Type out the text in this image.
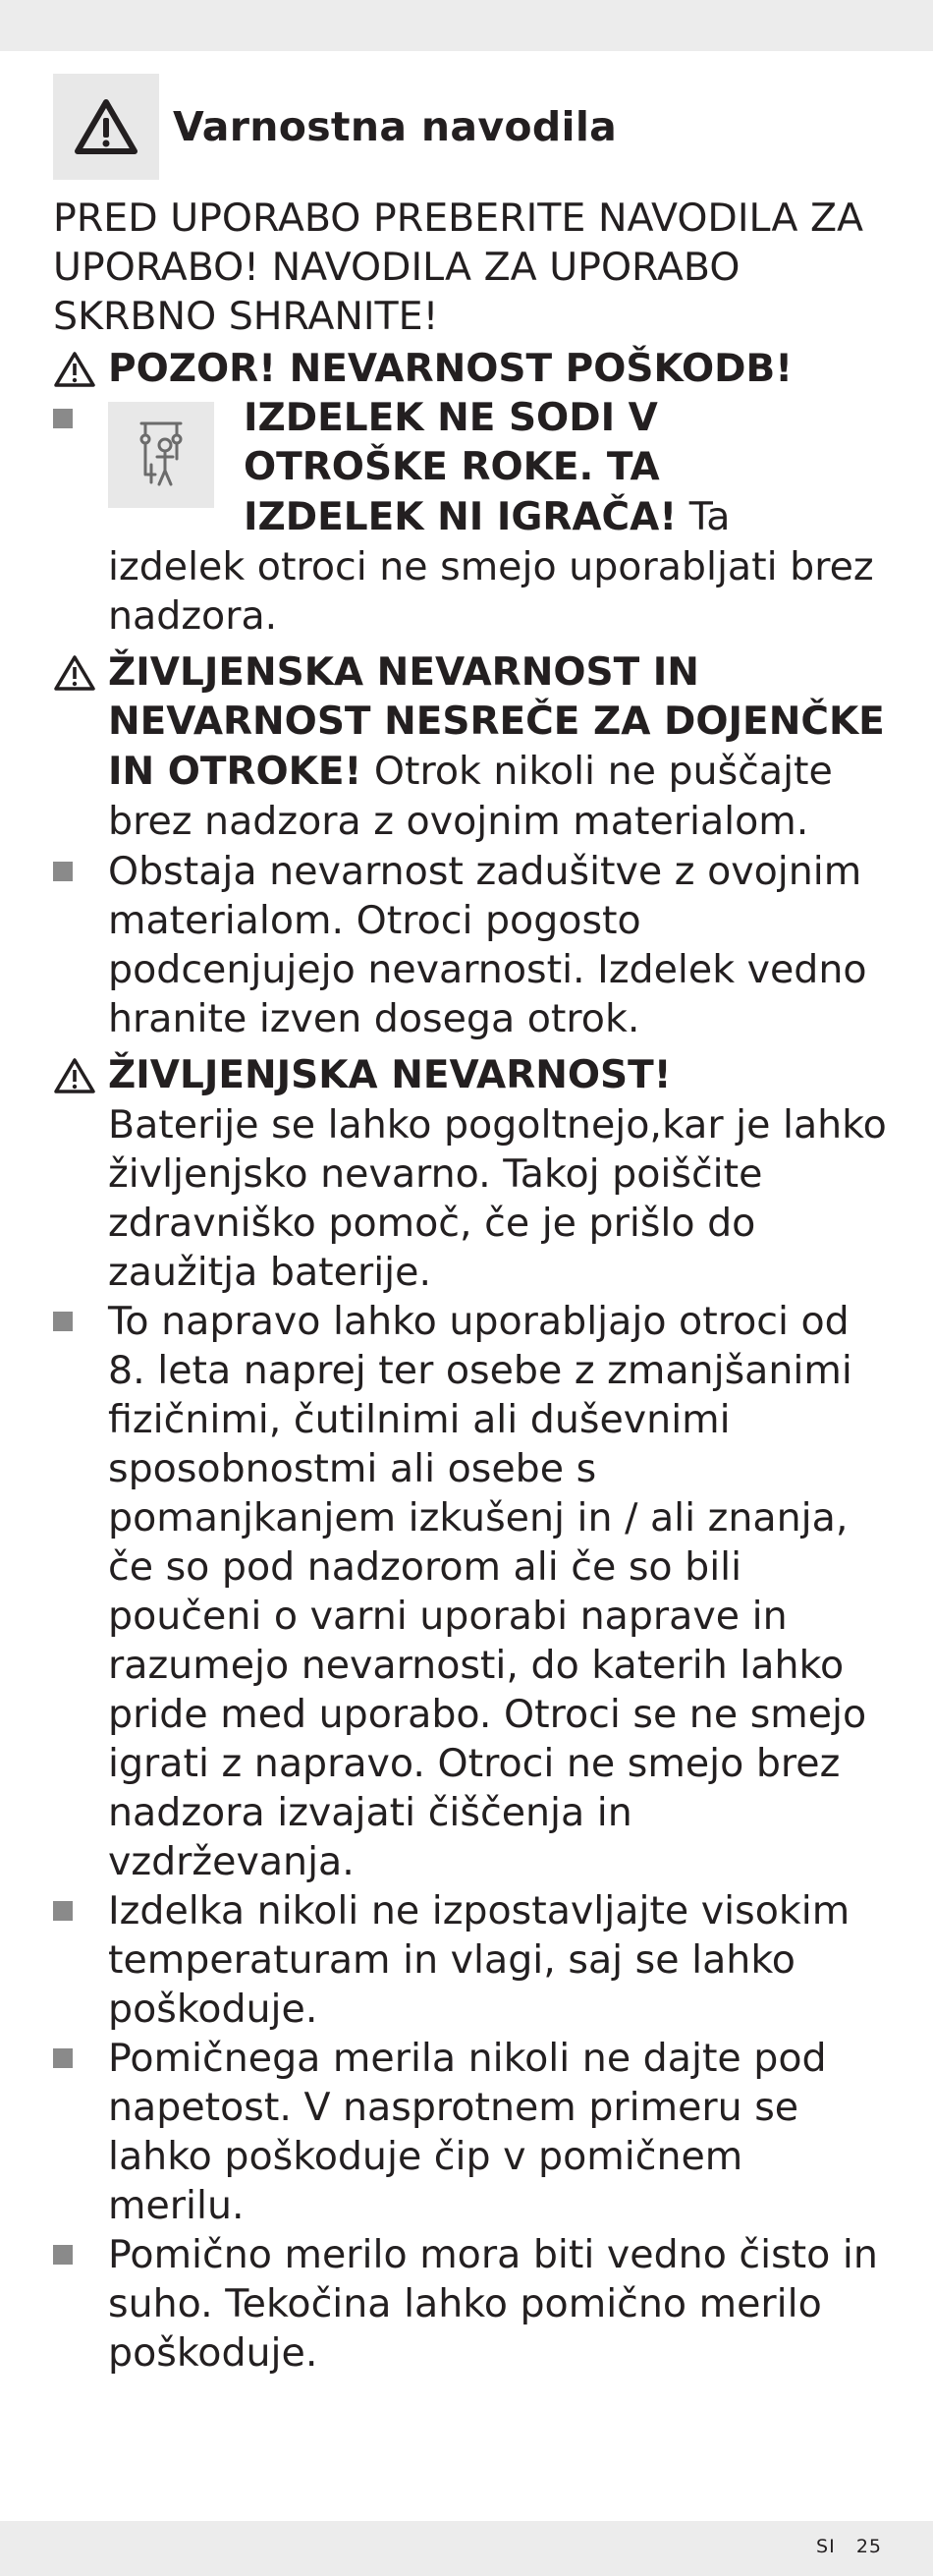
Varnostna navodila
PRED UPORABO PREBERITE NAVODILA ZA UPORABO! NAVODILA ZA UPORABO SKRBNO SHRANITE!
POZOR! NEVARNOST POŠKODB!
IZDELEK NE SODI V
OTROŠKE ROKE. TA
IZDELEK NI IGRAČA! Ta
izdelek otroci ne smejo uporabljati brez nadzora.
ŽIVLJENSKA NEVARNOST IN NEVARNOST NESREČE ZA DOJENČKE IN OTROKE! Otrok nikoli ne puščajte brez nadzora z ovojnim materialom.
Obstaja nevarnost zadušitve z ovojnim materialom. Otroci pogosto podcenjujejo nevarnosti. Izdelek vedno hranite izven dosega otrok.
ŽIVLJENJSKA NEVARNOST!
Baterije se lahko pogoltnejo,kar je lahko življenjsko nevarno. Takoj poiščite zdravniško pomoč, če je prišlo do zaužitja baterije.
To napravo lahko uporabljajo otroci od 8. leta naprej ter osebe z zmanjšanimi fizičnimi, čutilnimi ali duševnimi sposobnostmi ali osebe s pomanjkanjem izkušenj in / ali znanja, če so pod nadzorom ali če so bili poučeni o varni uporabi naprave in razumejo nevarnosti, do katerih lahko pride med uporabo. Otroci se ne smejo igrati z napravo. Otroci ne smejo brez nadzora izvajati čiščenja in vzdrževanja.
Izdelka nikoli ne izpostavljajte visokim temperaturam in vlagi, saj se lahko poškoduje.
Pomičnega merila nikoli ne dajte pod napetost. V nasprotnem primeru se lahko poškoduje čip v pomičnem merilu.
Pomično merilo mora biti vedno čisto in suho. Tekočina lahko pomično merilo poškoduje.
SI 25
